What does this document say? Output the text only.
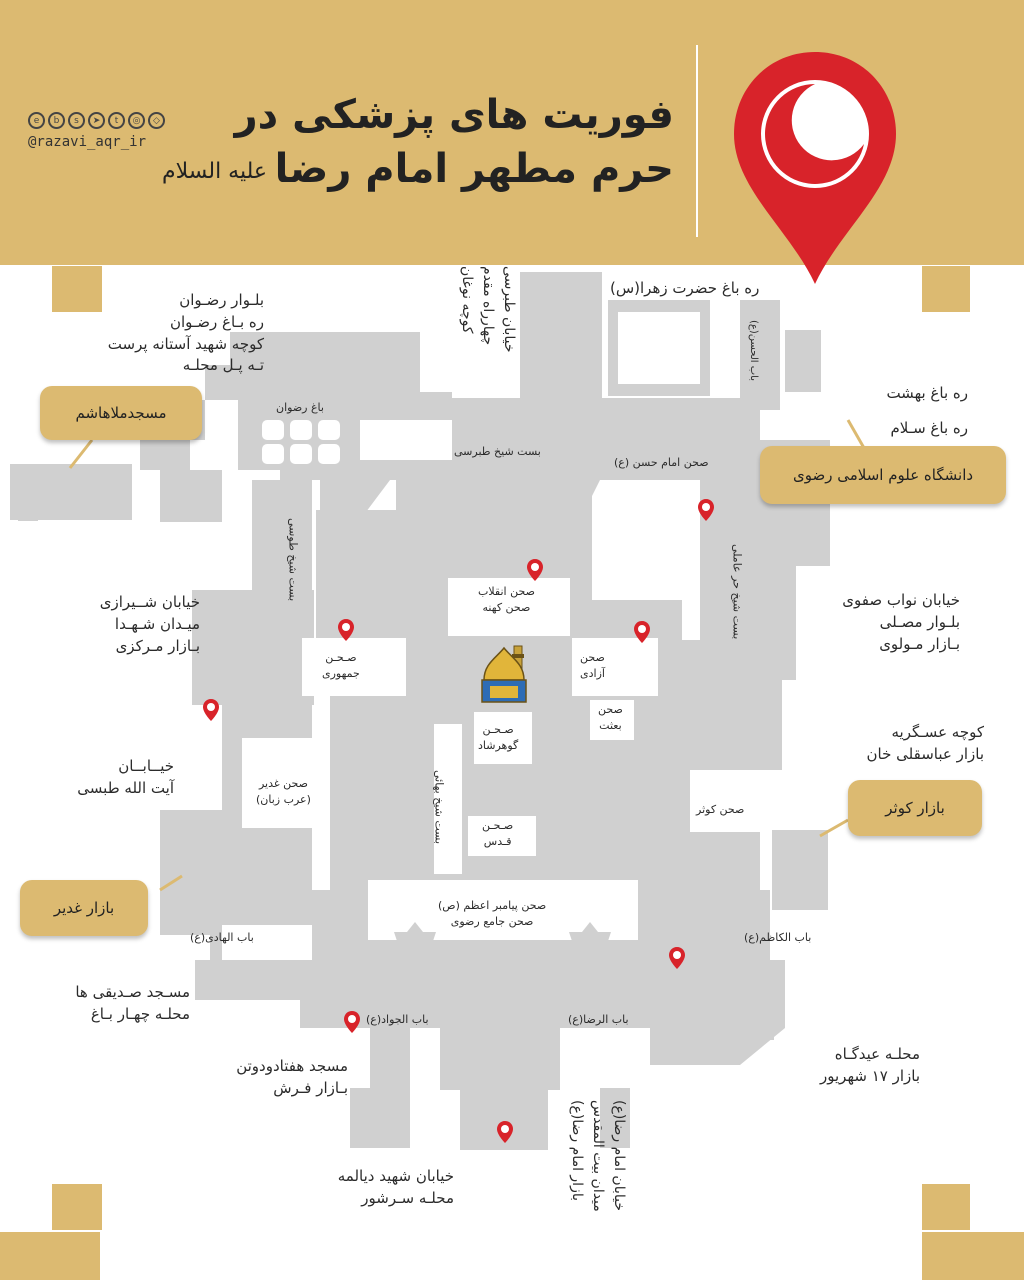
فوریت های پزشکی در
حرم مطهر امام رضا
علیه السلام
e	b	s	➤	t	◎	◇
@razavi_aqr_ir
بلـوار رضـوان
ره بـاغ رضـوان
کوچه شهید آستانه پرست
تـه پـل محلـه
ره باغ حضرت زهرا(س)
ره باغ بهشت
ره باغ سـلام
خیابان شــیرازی
میـدان شـهـدا
بـازار مـرکزی
خیــابــان
آیت الله طبسی
مسـجد صـدیقی ها
محلـه چهـار بـاغ
خیابان نواب صفوی
بلـوار مصـلی
بـازار مـولوی
کوچه عسـگریه
بازار عباسقلی خان
محلـه عیدگـاه
بازار ۱۷ شهریور
مسجد هفتادودوتن
بـازار فـرش
خیابان شهید دیالمه
محلـه سـرشور
خیابان طبرسی
چهارراه مقدم
کوچه نوغان
خیابان امام رضا(ع)
میدان بیت المقدس
بازار امام رضا(ع)
مسجدملاهاشم
دانشگاه علوم اسلامی رضوی
بازار کوثر
بازار غدیر
باغ رضوان
بست شیخ طبرسی
صحن امام حسن (ع)
باب الحسن(ع)
بست شیخ طوسی	بست شیخ حر عاملی
صحن انقلاب
صحن کهنه
صـحـن
جمهوری
صحن
آزادی
صحن
بعثت
صـحـن
گوهرشاد
صحن غدیر
(عرب زبان)
صحن کوثر
بست شیخ بهائی	صـحـن
قـدس
صحن پیامبر اعظم (ص)
صحن جامع رضوی
باب الهادی(ع)	باب الکاظم(ع)
باب الجواد(ع)	باب الرضا(ع)
